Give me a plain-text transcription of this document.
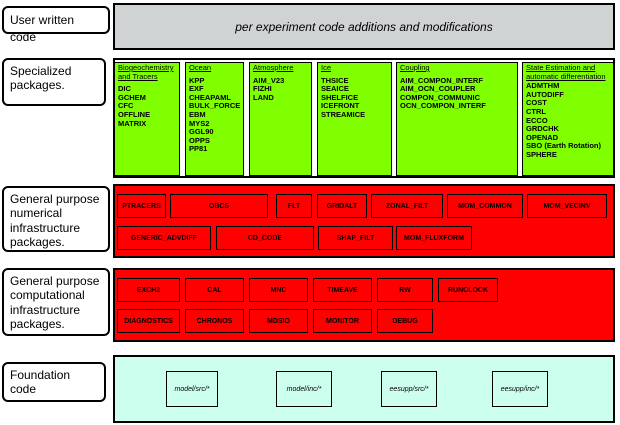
User written code
per experiment code additions and modifications
Specialized packages.
Biogeochemistry and Tracers
DIC
GCHEM
CFC
OFFLINE
MATRIX
Ocean
KPP
EXF
CHEAPAML
BULK_FORCE
EBM
MYS2
GGL90
OPPS
PP81
Atmosphere
AIM_V23
FIZHI
LAND
Ice
THSICE
SEAICE
SHELFICE
ICEFRONT
STREAMICE
Coupling
AIM_COMPON_INTERF
AIM_OCN_COUPLER
COMPON_COMMUNIC
OCN_COMPON_INTERF
State Estimation and automatic differentiation
ADMTHM
AUTODIFF
COST
CTRL
ECCO
GRDCHK
OPENAD
SBO (Earth Rotation)
SPHERE
General purpose numerical infrastructure packages.
PTRACERS	OBCS	FLT	GRIDALT	ZONAL_FILT	MOM_COMMON	MOM_VECINV
GENERIC_ADVDIFF	CD_CODE	SHAP_FILT	MOM_FLUXFORM
General purpose computational infrastructure packages.
EXCH2	CAL	MNC	TIMEAVE	RW	RUNCLOCK
DIAGNOSTICS	CHRONOS	MDSIO	MONITOR	DEBUG
Foundation code	model/src/*	model/inc/*	eesupp/src/*	eesupp/inc/*
